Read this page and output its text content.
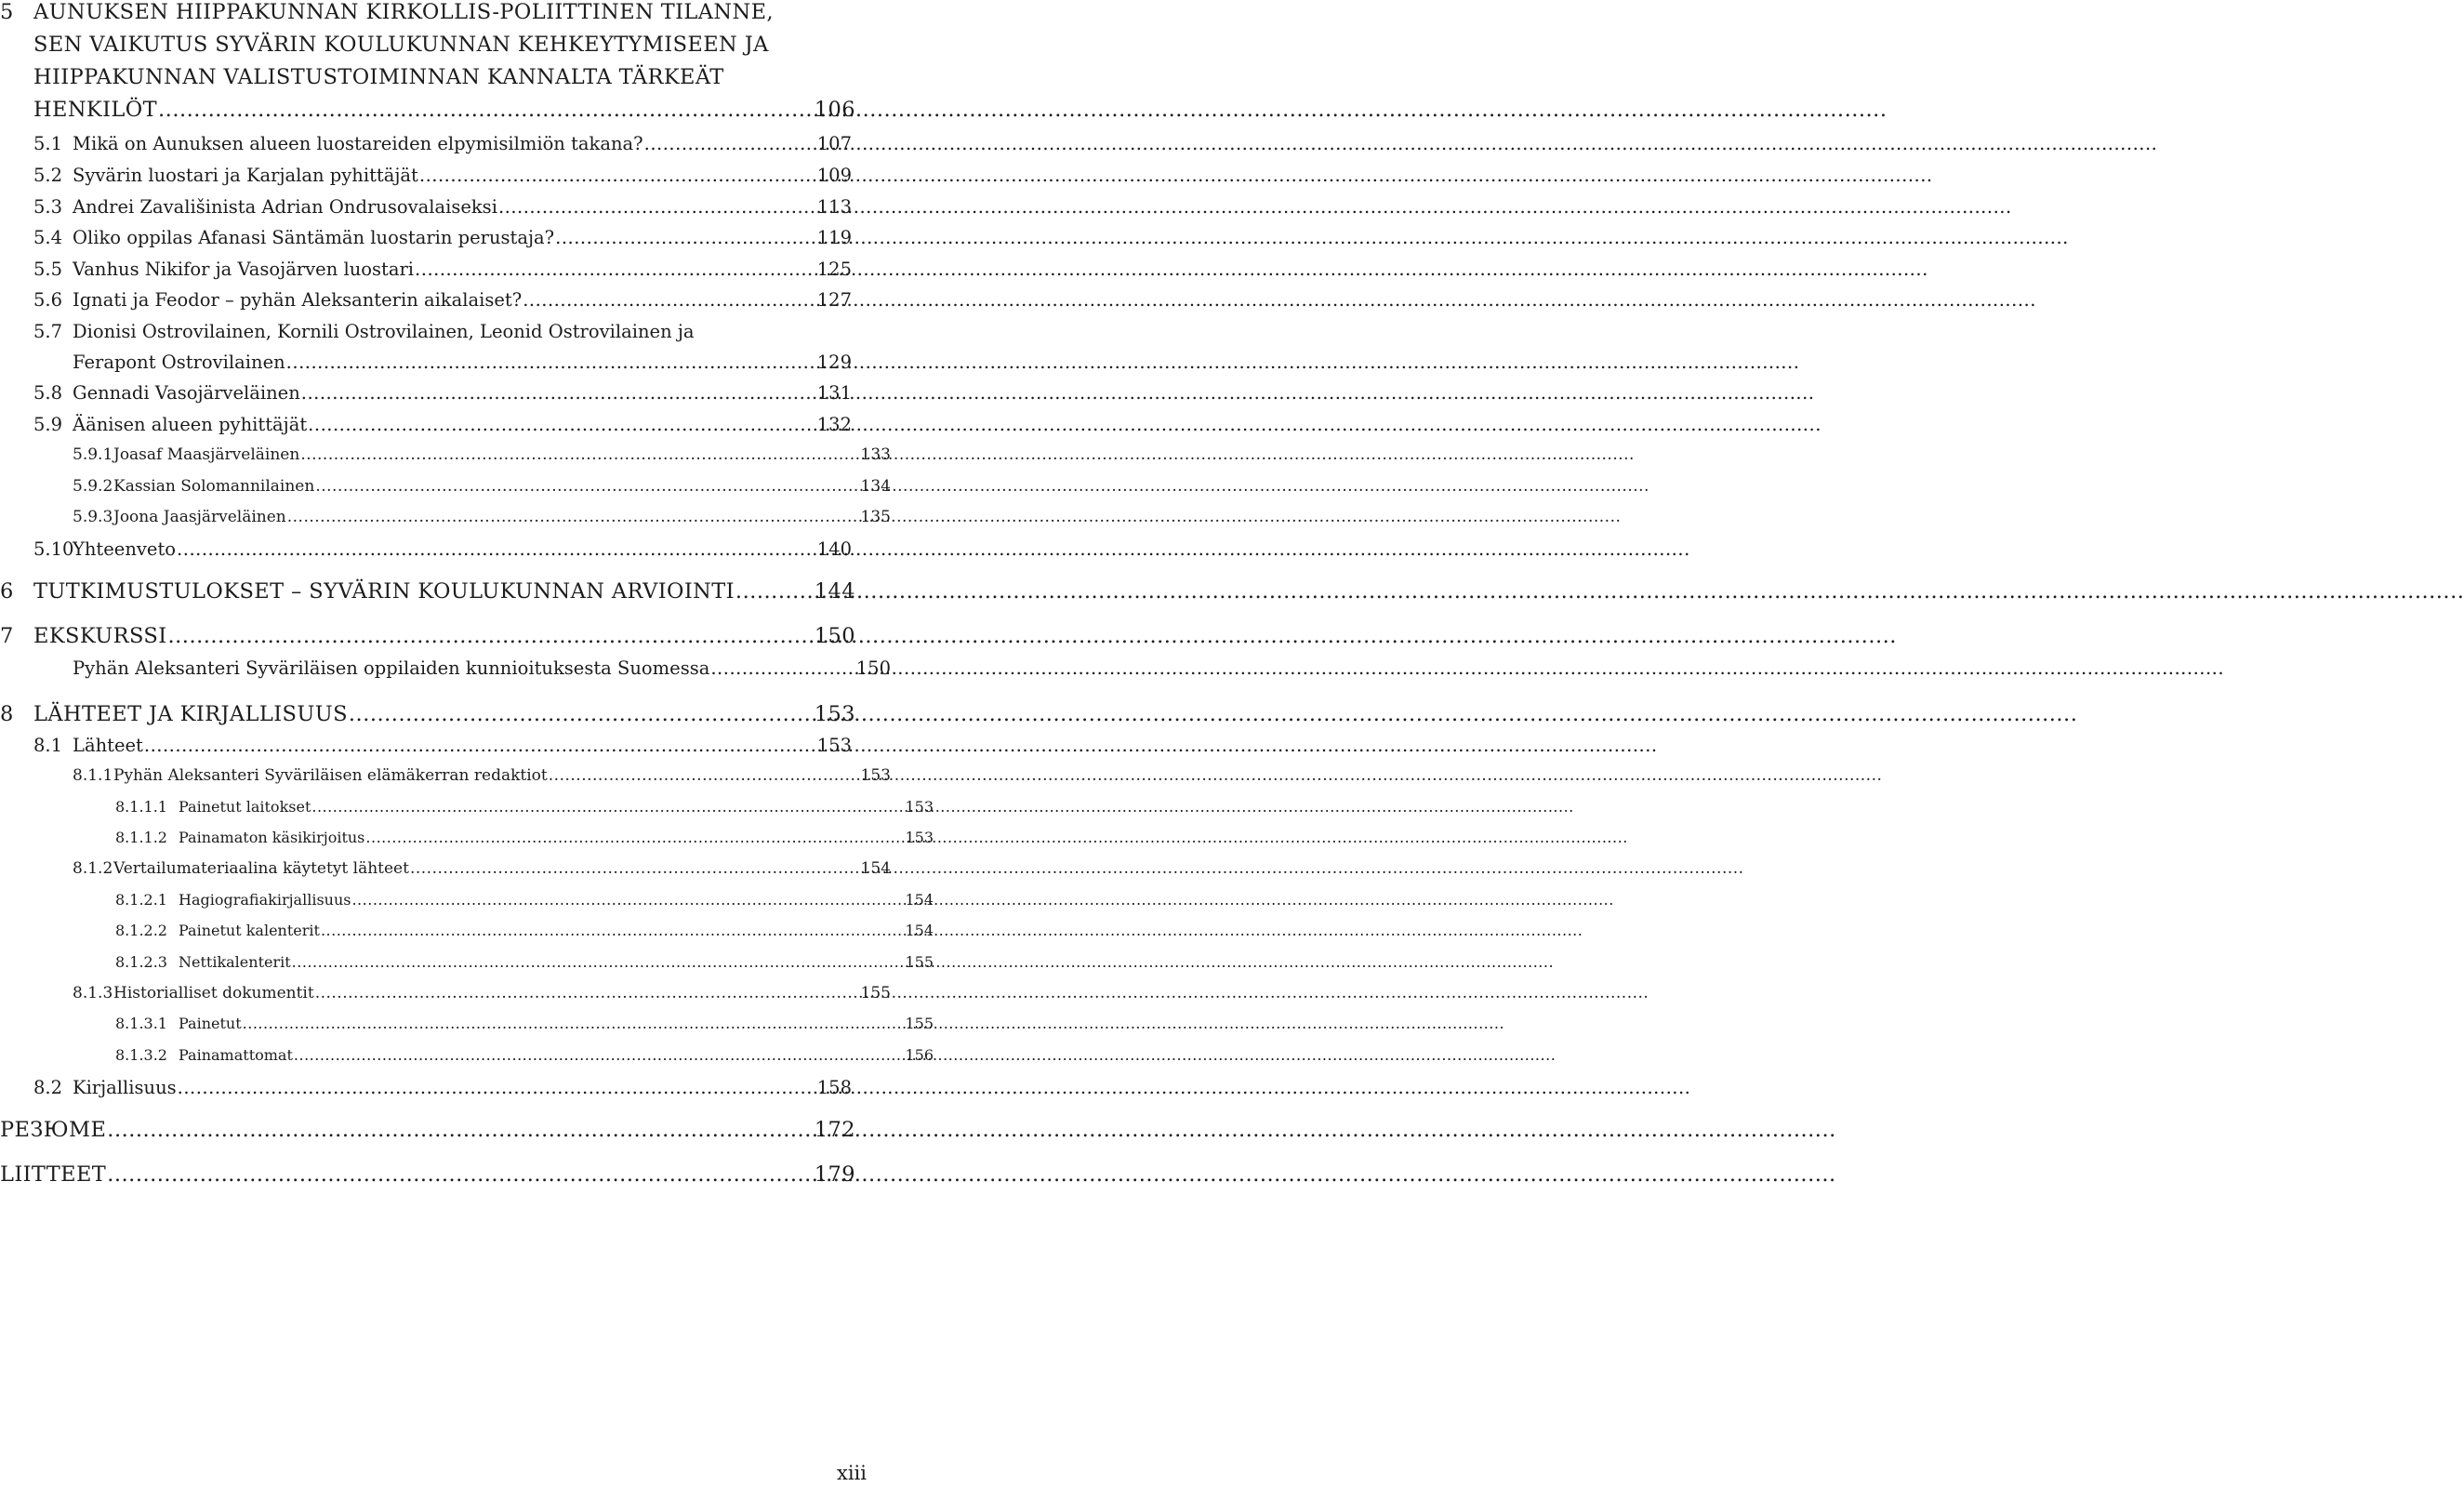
5 AUNUKSEN HIIPPAKUNNAN KIRKOLLIS-POLIITTINEN TILANNE,
SEN VAIKUTUS SYVÄRIN KOULUKUNNAN KEHKEYTYMISEEN JA
HIIPPAKUNNAN VALISTUSTOIMINNAN KANNALTA TÄRKEÄT
HENKILÖT .....	106
5.1 Mikä on Aunuksen alueen luostareiden elpymisilmiön takana? .....	107
5.2 Syvärin luostari ja Karjalan pyhittäjät .....	109
5.3 Andrei Zavališinista Adrian Ondrusovalaiseksi .....	113
5.4 Oliko oppilas Afanasi Säntämän luostarin perustaja? .....	119
5.5 Vanhus Nikifor ja Vasojärven luostari .....	125
5.6 Ignati ja Feodor – pyhän Aleksanterin aikalaiset? .....	127
5.7 Dionisi Ostrovilainen, Kornili Ostrovilainen, Leonid Ostrovilainen ja
Ferapont Ostrovilainen .....	129
5.8 Gennadi Vasojärveläinen .....	131
5.9 Äänisen alueen pyhittäjät .....	132
5.9.1 Joasaf Maasjärveläinen .....	133
5.9.2 Kassian Solomannilainen .....	134
5.9.3 Joona Jaasjärveläinen .....	135
5.10
Yhteenveto .....	140
6 TUTKIMUSTULOKSET – SYVÄRIN KOULUKUNNAN ARVIOINTI .....	144
7 EKSKURSSI .....	150
Pyhän Aleksanteri Syväriläisen oppilaiden kunnioituksesta Suomessa .....	150
8 LÄHTEET JA KIRJALLISUUS .....	153
8.1 Lähteet .....	153
8.1.1 Pyhän Aleksanteri Syväriläisen elämäkerran redaktiot .....	153
8.1.1.1 Painetut laitokset .....	153
8.1.1.2 Painamaton käsikirjoitus .....	153
8.1.2 Vertailumateriaalina käytetyt lähteet .....	154
8.1.2.1 Hagiografiakirjallisuus .....	154
8.1.2.2 Painetut kalenterit .....	154
8.1.2.3 Nettikalenterit .....	155
8.1.3 Historialliset dokumentit .....	155
8.1.3.1 Painetut .....	155
8.1.3.2 Painamattomat .....	156
8.2 Kirjallisuus .....	158
РЕЗЮМЕ .....	172
LIITTEET .....	179
xiii
